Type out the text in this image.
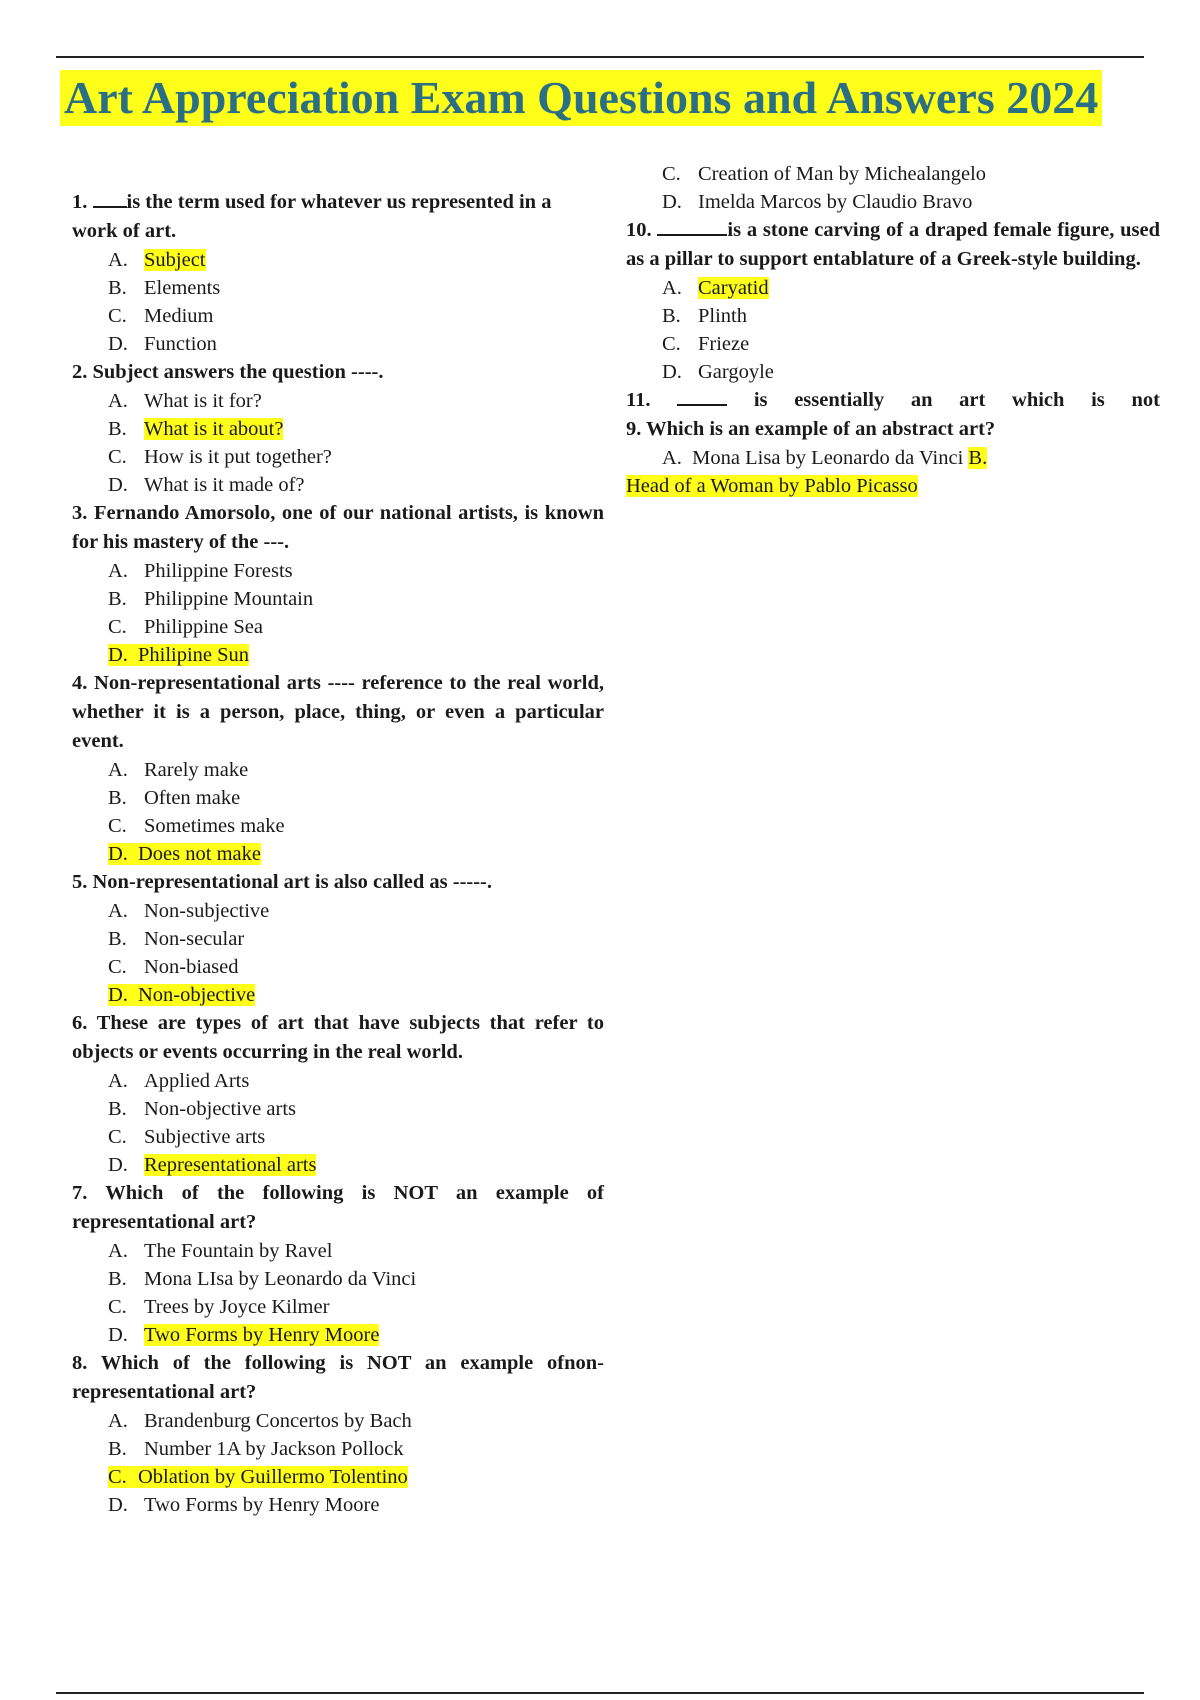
Art Appreciation Exam Questions and Answers 2024
1. is the term used for whatever us represented in a
work of art.
A. Subject
B. Elements
C. Medium
D. Function
2. Subject answers the question ----.
A. What is it for?
B. What is it about?
C. How is it put together?
D. What is it made of?
3. Fernando Amorsolo, one of our national artists, is known for his mastery of the ---.
A. Philippine Forests
B. Philippine Mountain
C. Philippine Sea
D. Philipine Sun
4. Non-representational arts ---- reference to the real world, whether it is a person, place, thing, or even a particular event.
A. Rarely make
B. Often make
C. Sometimes make
D. Does not make
5. Non-representational art is also called as -----.
A. Non-subjective
B. Non-secular
C. Non-biased
D. Non-objective
6. These are types of art that have subjects that refer to objects or events occurring in the real world.
A. Applied Arts
B. Non-objective arts
C. Subjective arts
D. Representational arts
7. Which of the following is NOT an example of representational art?
A. The Fountain by Ravel
B. Mona LIsa by Leonardo da Vinci
C. Trees by Joyce Kilmer
D. Two Forms by Henry Moore
8. Which of the following is NOT an example ofnon-representational art?
A. Brandenburg Concertos by Bach
B. Number 1A by Jackson Pollock
C. Oblation by Guillermo Tolentino
D. Two Forms by Henry Moore
C. Creation of Man by Michealangelo
D. Imelda Marcos by Claudio Bravo
10.	is a stone carving of a draped female figure, used as a pillar to support entablature of a Greek-style building.
A. Caryatid
B. Plinth
C. Frieze
D. Gargoyle
11.	is essentially an art which is not
9. Which is an example of an abstract art?
A.  Mona Lisa by Leonardo da Vinci B.
Head of a Woman by Pablo Picasso
